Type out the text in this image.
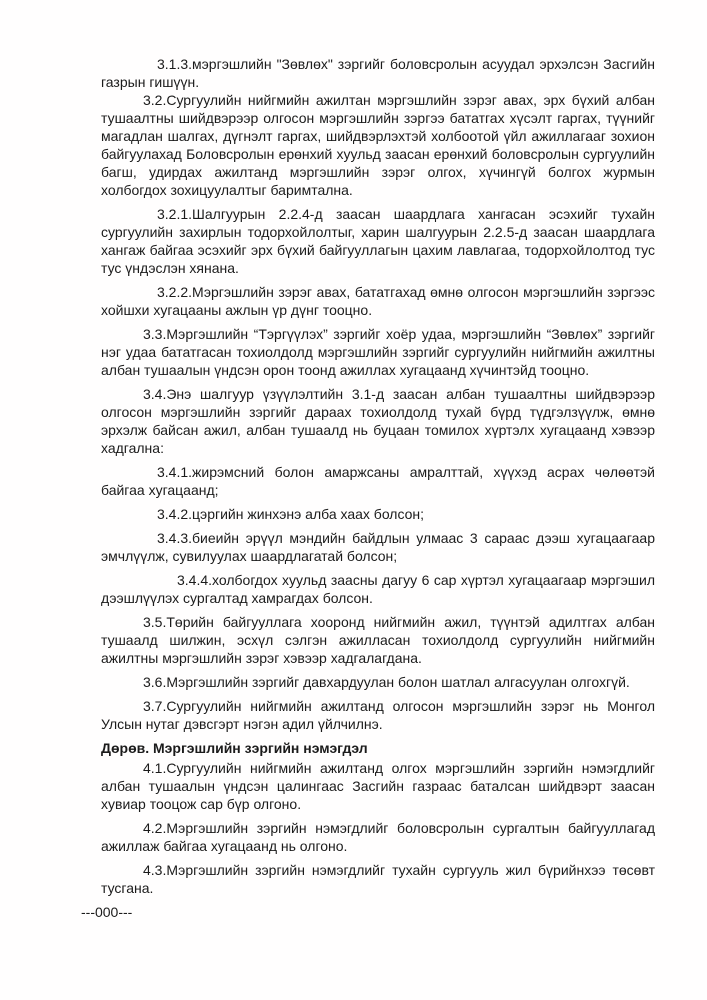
3.1.3.мэргэшлийн "Зөвлөх" зэргийг боловсролын асуудал эрхэлсэн Засгийн газрын гишүүн.

3.2.Сургуулийн нийгмийн ажилтан мэргэшлийн зэрэг авах, эрх бүхий албан тушаалтны шийдвэрээр олгосон мэргэшлийн зэргээ бататгах хүсэлт гаргах, түүнийг магадлан шалгах, дүгнэлт гаргах, шийдвэрлэхтэй холбоотой үйл ажиллагааг зохион байгуулахад Боловсролын ерөнхий хуульд заасан ерөнхий боловсролын сургуулийн багш, удирдах ажилтанд мэргэшлийн зэрэг олгох, хүчингүй болгох журмын холбогдох зохицуулалтыг баримтална.

3.2.1.Шалгуурын 2.2.4-д заасан шаардлага хангасан эсэхийг тухайн сургуулийн захирлын тодорхойлолтыг, харин шалгуурын 2.2.5-д заасан шаардлага хангаж байгаа эсэхийг эрх бүхий байгууллагын цахим лавлагаа, тодорхойлолтод тус тус үндэслэн хянана.

3.2.2.Мэргэшлийн зэрэг авах, бататгахад өмнө олгосон мэргэшлийн зэргээс хойшхи хугацааны ажлын үр дүнг тооцно.

3.3.Мэргэшлийн “Тэргүүлэх” зэргийг хоёр удаа, мэргэшлийн “Зөвлөх” зэргийг нэг удаа бататгасан тохиолдолд мэргэшлийн зэргийг сургуулийн нийгмийн ажилтны албан тушаалын үндсэн орон тоонд ажиллах хугацаанд хүчинтэйд тооцно.

3.4.Энэ шалгуур үзүүлэлтийн 3.1-д заасан албан тушаалтны шийдвэрээр олгосон мэргэшлийн зэргийг дараах тохиолдолд тухай бүрд түдгэлзүүлж, өмнө эрхэлж байсан ажил, албан тушаалд нь буцаан томилох хүртэлх хугацаанд хэвээр хадгална:

3.4.1.жирэмсний болон амаржсаны амралттай, хүүхэд асрах чөлөөтэй байгаа хугацаанд;

3.4.2.цэргийн жинхэнэ алба хаах болсон;

3.4.3.биеийн эрүүл мэндийн байдлын улмаас 3 сараас дээш хугацаагаар эмчлүүлж, сувилуулах шаардлагатай болсон;

3.4.4.холбогдох хуульд заасны дагуу 6 сар хүртэл хугацаагаар мэргэшил дээшлүүлэх сургалтад хамрагдах болсон.

3.5.Төрийн байгууллага хооронд нийгмийн ажил, түүнтэй адилтгах албан тушаалд шилжин, эсхүл сэлгэн ажилласан тохиолдолд сургуулийн нийгмийн ажилтны мэргэшлийн зэрэг хэвээр хадгалагдана.

3.6.Мэргэшлийн зэргийг давхардуулан болон шатлал алгасуулан олгохгүй.

3.7.Сургуулийн нийгмийн ажилтанд олгосон мэргэшлийн зэрэг нь Монгол Улсын нутаг дэвсгэрт нэгэн адил үйлчилнэ.

Дөрөв. Мэргэшлийн зэргийн нэмэгдэл

4.1.Сургуулийн нийгмийн ажилтанд олгох мэргэшлийн зэргийн нэмэгдлийг албан тушаалын үндсэн цалингаас Засгийн газраас баталсан шийдвэрт заасан хувиар тооцож сар бүр олгоно.

4.2.Мэргэшлийн зэргийн нэмэгдлийг боловсролын сургалтын байгууллагад ажиллаж байгаа хугацаанд нь олгоно.

4.3.Мэргэшлийн зэргийн нэмэгдлийг тухайн сургууль жил бүрийнхээ төсөвт тусгана.

---000---
